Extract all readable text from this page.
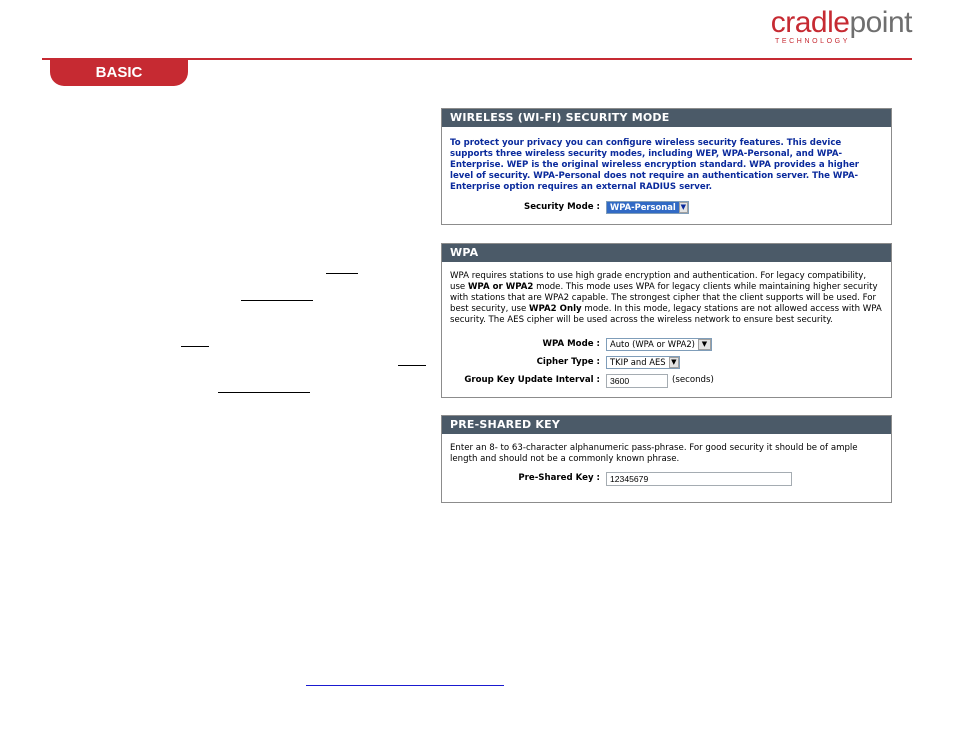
cradlepoint
TECHNOLOGY
BASIC
WIRELESS (WI-FI) SECURITY MODE
To protect your privacy you can configure wireless security features. This device supports three wireless security modes, including WEP, WPA-Personal, and WPA-Enterprise. WEP is the original wireless encryption standard. WPA provides a higher level of security. WPA-Personal does not require an authentication server. The WPA-Enterprise option requires an external RADIUS server.
Security Mode :	WPA-Personal ▼
WPA
WPA requires stations to use high grade encryption and authentication. For legacy compatibility, use WPA or WPA2 mode. This mode uses WPA for legacy clients while maintaining higher security with stations that are WPA2 capable. The strongest cipher that the client supports will be used. For best security, use WPA2 Only mode. In this mode, legacy stations are not allowed access with WPA security. The AES cipher will be used across the wireless network to ensure best security.
WPA Mode :	Auto (WPA or WPA2) ▼
Cipher Type :	TKIP and AES ▼
Group Key Update Interval :
3600	(seconds)
PRE-SHARED KEY
Enter an 8- to 63-character alphanumeric pass-phrase. For good security it should be of ample length and should not be a commonly known phrase.
Pre-Shared Key :
12345679
